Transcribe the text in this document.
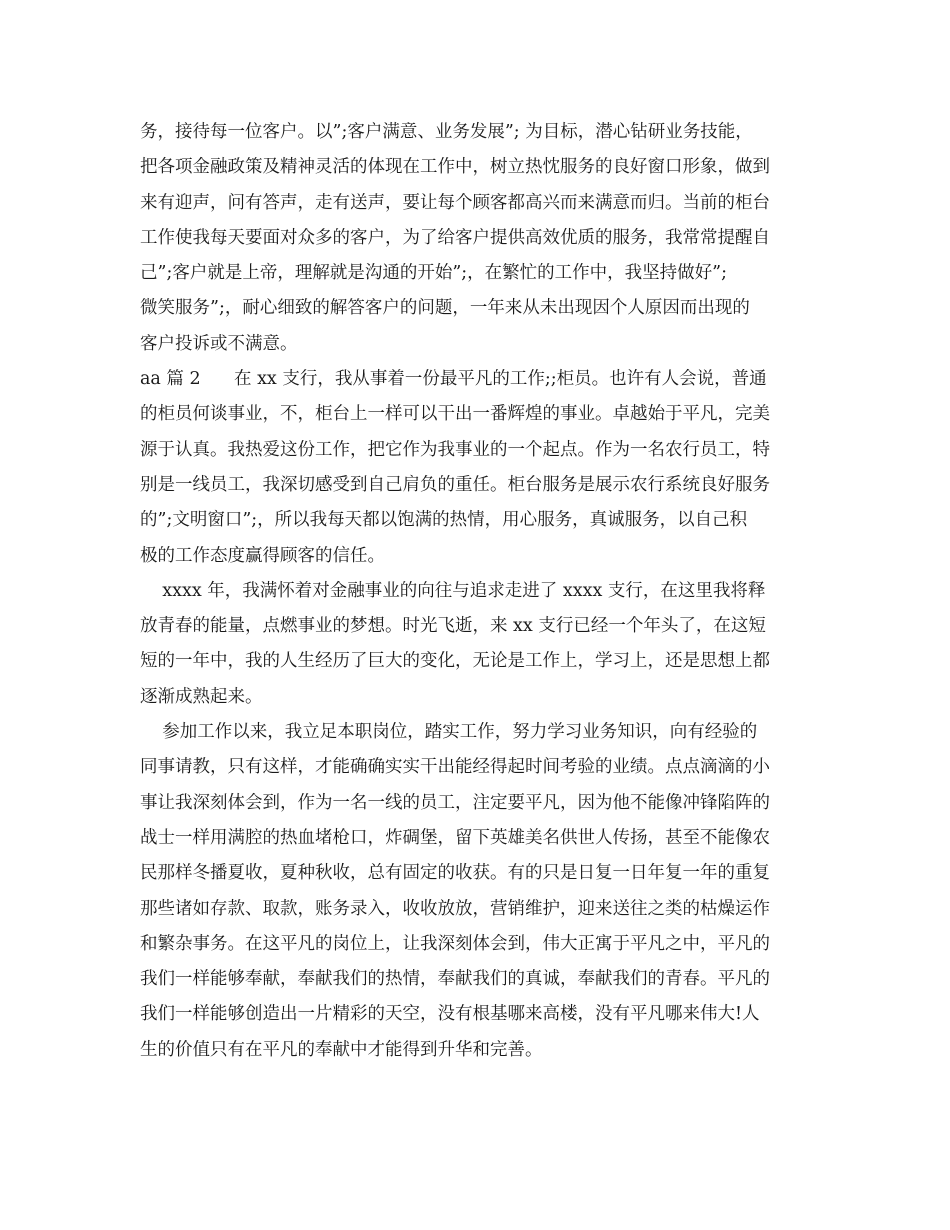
务，接待每一位客户。以”;客户满意、业务发展”; 为目标，潜心钻研业务技能，
把各项金融政策及精神灵活的体现在工作中，树立热忱服务的良好窗口形象，做到
来有迎声，问有答声，走有送声，要让每个顾客都高兴而来满意而归。当前的柜台
工作使我每天要面对众多的客户，为了给客户提供高效优质的服务，我常常提醒自
己”;客户就是上帝，理解就是沟通的开始”;，在繁忙的工作中，我坚持做好”;
微笑服务”;，耐心细致的解答客户的问题，一年来从未出现因个人原因而出现的
客户投诉或不满意。
aa 篇 2      在 xx 支行，我从事着一份最平凡的工作;;柜员。也许有人会说，普通
的柜员何谈事业，不，柜台上一样可以干出一番辉煌的事业。卓越始于平凡，完美
源于认真。我热爱这份工作，把它作为我事业的一个起点。作为一名农行员工，特
别是一线员工，我深切感受到自己肩负的重任。柜台服务是展示农行系统良好服务
的”;文明窗口”;，所以我每天都以饱满的热情，用心服务，真诚服务，以自己积
极的工作态度赢得顾客的信任。
xxxx 年，我满怀着对金融事业的向往与追求走进了 xxxx 支行，在这里我将释
放青春的能量，点燃事业的梦想。时光飞逝，来 xx 支行已经一个年头了，在这短
短的一年中，我的人生经历了巨大的变化，无论是工作上，学习上，还是思想上都
逐渐成熟起来。
参加工作以来，我立足本职岗位，踏实工作，努力学习业务知识，向有经验的
同事请教，只有这样，才能确确实实干出能经得起时间考验的业绩。点点滴滴的小
事让我深刻体会到，作为一名一线的员工，注定要平凡，因为他不能像冲锋陷阵的
战士一样用满腔的热血堵枪口，炸碉堡，留下英雄美名供世人传扬，甚至不能像农
民那样冬播夏收，夏种秋收，总有固定的收获。有的只是日复一日年复一年的重复
那些诸如存款、取款，账务录入，收收放放，营销维护，迎来送往之类的枯燥运作
和繁杂事务。在这平凡的岗位上，让我深刻体会到，伟大正寓于平凡之中，平凡的
我们一样能够奉献，奉献我们的热情，奉献我们的真诚，奉献我们的青春。平凡的
我们一样能够创造出一片精彩的天空，没有根基哪来高楼，没有平凡哪来伟大!人
生的价值只有在平凡的奉献中才能得到升华和完善。
